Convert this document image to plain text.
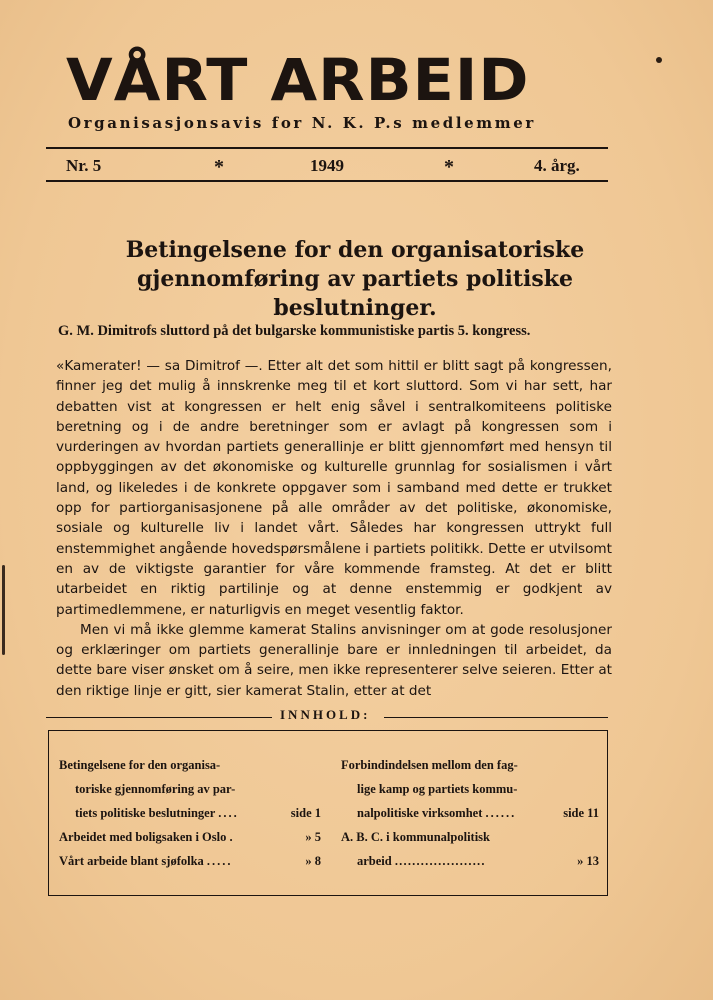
VÅRT ARBEID
Organisasjonsavis for N. K. P.s medlemmer
Nr. 5	*	1949	*	4. årg.
Betingelsene for den organisatoriske
gjennomføring av partiets politiske
beslutninger.
G. M. Dimitrofs sluttord på det bulgarske kommunistiske partis 5. kongress.

«Kamerater! — sa Dimitrof —. Etter alt det som hittil er blitt sagt på kongressen, finner jeg det mulig å innskrenke meg til et kort sluttord. Som vi har sett, har debatten vist at kongressen er helt enig såvel i sentralkomiteens politiske beretning og i de andre beretninger som er avlagt på kongressen som i vurderingen av hvordan partiets generallinje er blitt gjennomført med hensyn til oppbyggingen av det økonomiske og kulturelle grunnlag for sosialismen i vårt land, og likeledes i de konkrete oppgaver som i samband med dette er trukket opp for partiorganisasjonene på alle områder av det politiske, økonomiske, sosiale og kulturelle liv i landet vårt. Således har kongressen uttrykt full enstemmighet angående hovedspørsmålene i partiets politikk. Dette er utvilsomt en av de viktigste garantier for våre kommende framsteg. At det er blitt utarbeidet en riktig partilinje og at denne enstemmig er godkjent av partimedlemmene, er naturligvis en meget vesentlig faktor.

Men vi må ikke glemme kamerat Stalins anvisninger om at gode resolusjoner og erklæringer om partiets generallinje bare er innledningen til arbeidet, da dette bare viser ønsket om å seire, men ikke representerer selve seieren. Etter at den riktige linje er gitt, sier kamerat Stalin, etter at det

INNHOLD:
Betingelsene for den organisa-
toriske gjennomføring av par-
tiets politiske beslutninger ....	side 1
Arbeidet med boligsaken i Oslo .	» 5
Vårt arbeide blant sjøfolka .....	» 8
Forbindindelsen mellom den fag-
lige kamp og partiets kommu-
nalpolitiske virksomhet ......	side 11
A. B. C. i kommunalpolitisk
arbeid .....................	» 13
